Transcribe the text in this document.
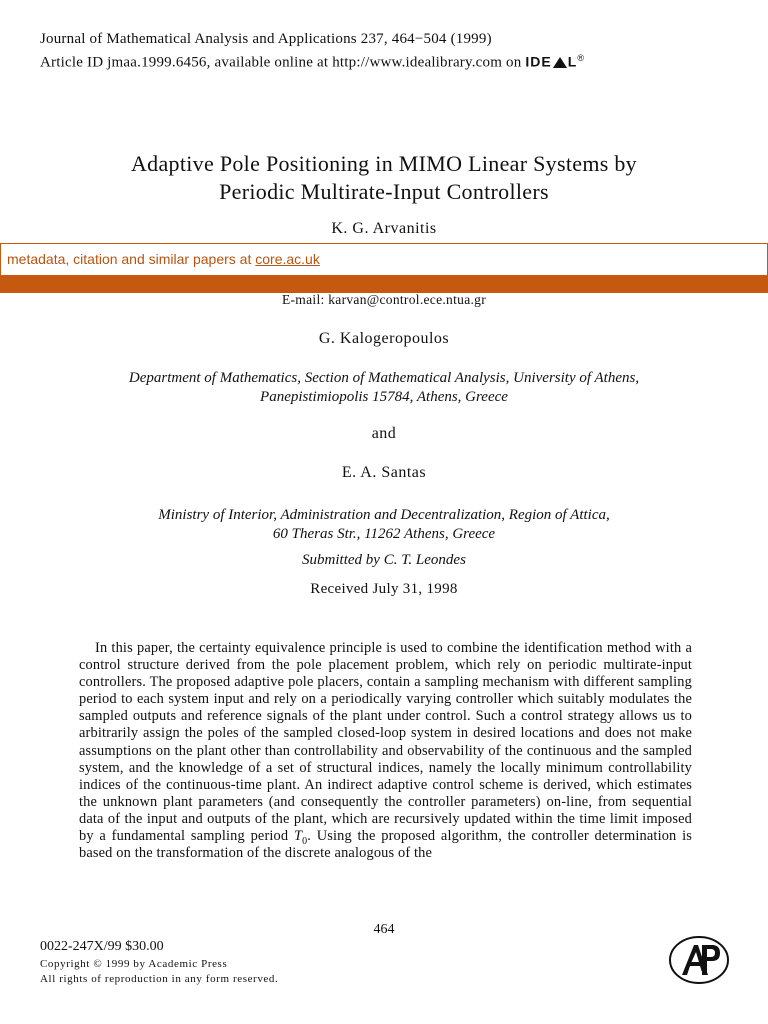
Journal of Mathematical Analysis and Applications 237, 464−504 (1999)
Article ID jmaa.1999.6456, available online at http://www.idealibrary.com on IDE L®
Adaptive Pole Positioning in MIMO Linear Systems by
Periodic Multirate-Input Controllers
K. G. Arvanitis
metadata, citation and similar papers at core.ac.uk
E-mail: karvan@control.ece.ntua.gr
G. Kalogeropoulos
Department of Mathematics, Section of Mathematical Analysis, University of Athens,
Panepistimiopolis 15784, Athens, Greece
and
E. A. Santas
Ministry of Interior, Administration and Decentralization, Region of Attica,
60 Theras Str., 11262 Athens, Greece
Submitted by C. T. Leondes
Received July 31, 1998
In this paper, the certainty equivalence principle is used to combine the identification method with a control structure derived from the pole placement problem, which rely on periodic multirate-input controllers. The proposed adaptive pole placers, contain a sampling mechanism with different sampling period to each system input and rely on a periodically varying controller which suitably modulates the sampled outputs and reference signals of the plant under control. Such a control strategy allows us to arbitrarily assign the poles of the sampled closed-loop system in desired locations and does not make assumptions on the plant other than controllability and observability of the continuous and the sampled system, and the knowledge of a set of structural indices, namely the locally minimum controllability indices of the continuous-time plant. An indirect adaptive control scheme is derived, which estimates the unknown plant parameters (and consequently the controller parameters) on-line, from sequential data of the input and outputs of the plant, which are recursively updated within the time limit imposed by a fundamental sampling period $T_0$. Using the proposed algorithm, the controller determination is based on the transformation of the discrete analogous of the
464
0022-247X/99 $30.00
Copyright © 1999 by Academic Press
All rights of reproduction in any form reserved.
